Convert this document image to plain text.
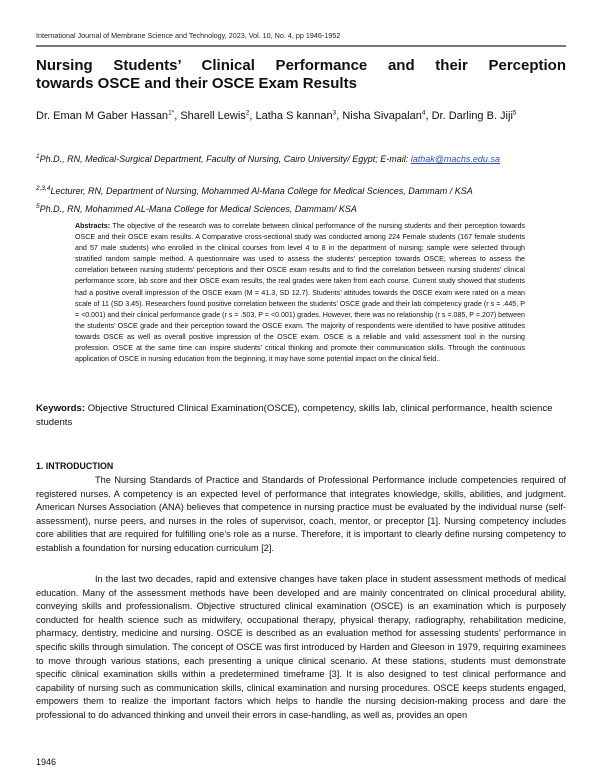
International Journal of Membrane Science and Technology, 2023, Vol. 10, No. 4, pp 1946-1952
Nursing Students’ Clinical Performance and their Perception
towards OSCE and their OSCE Exam Results
Dr. Eman M Gaber Hassan$^{1*}$, Sharell Lewis$^2$, Latha S kannan$^3$, Nisha Sivapalan$^4$, Dr. Darling B. Jiji$^5$
$^1$Ph.D., RN, Medical-Surgical Department, Faculty of Nursing, Cairo University/ Egypt; E-mail: lathak@machs.edu.sa
$^{2,3,4}$Lecturer, RN, Department of Nursing, Mohammed Al-Mana College for Medical Sciences, Dammam / KSA
$^5$Ph.D., RN, Mohammed AL-Mana College for Medical Sciences, Dammam/ KSA
Abstracts: The objective of the research was to correlate between clinical performance of the nursing students and their perception towards OSCE and their OSCE exam results. A Comparative cross-sectional study was conducted among 224 Female students (167 female students and 57 male students) who enrolled in the clinical courses from level 4 to 8 in the department of nursing; sample were selected through stratified random sample method. A questionnaire was used to assess the students’ perception towards OSCE; whereas to assess the correlation between nursing students’ perceptions and their OSCE exam results and to find the correlation between nursing students’ clinical performance score, lab score and their OSCE exam results, the real grades were taken from each course. Current study showed that students had a positive overall impression of the OSCE exam (M = 41.3, SD 12.7). Students’ attitudes towards the OSCE exam were rated on a mean scale of 11 (SD 3.45). Researchers found positive correlation between the students’ OSCE grade and their lab competency grade (r s = .445, P = <0.001) and their clinical performance grade (r s = .503, P = <0.001) grades. However, there was no relationship (r s =.085, P =.207) between the students’ OSCE grade and their perception toward the OSCE exam. The majority of respondents were identified to have positive attitudes towards OSCE as well as overall positive impression of the OSCE exam. OSCE is a reliable and valid assessment tool in the nursing profession. OSCE at the same time can inspire students’ critical thinking and promote their communication skills. Through the continuous application of OSCE in nursing education from the beginning, it may have some potential impact on the clinical field..
Keywords: Objective Structured Clinical Examination(OSCE), competency, skills lab, clinical performance, health science students
1. INTRODUCTION
The Nursing Standards of Practice and Standards of Professional Performance include competencies required of registered nurses. A competency is an expected level of performance that integrates knowledge, skills, abilities, and judgment. American Nurses Association (ANA) believes that competence in nursing practice must be evaluated by the individual nurse (self-assessment), nurse peers, and nurses in the roles of supervisor, coach, mentor, or preceptor [1]. Nursing competency includes core abilities that are required for fulfilling one’s role as a nurse. Therefore, it is important to clearly define nursing competency to establish a foundation for nursing education curriculum [2].
In the last two decades, rapid and extensive changes have taken place in student assessment methods of medical education. Many of the assessment methods have been developed and are mainly concentrated on clinical procedural ability, conveying skills and professionalism. Objective structured clinical examination (OSCE) is an examination which is purposely conducted for health science such as midwifery, occupational therapy, physical therapy, radiography, rehabilitation medicine, pharmacy, dentistry, medicine and nursing. OSCE is described as an evaluation method for assessing students’ performance in specific skills through simulation. The concept of OSCE was first introduced by Harden and Gleeson in 1979, requiring examinees to move through various stations, each presenting a unique clinical scenario. At these stations, students must demonstrate specific clinical examination skills within a predetermined timeframe [3]. It is also designed to test clinical performance and capability of nursing such as communication skills, clinical examination and nursing procedures. OSCE keeps students engaged, empowers them to realize the important factors which helps to handle the nursing decision-making process and dare the professional to do advanced thinking and unveil their errors in case-handling, as well as, provides an open
1946
